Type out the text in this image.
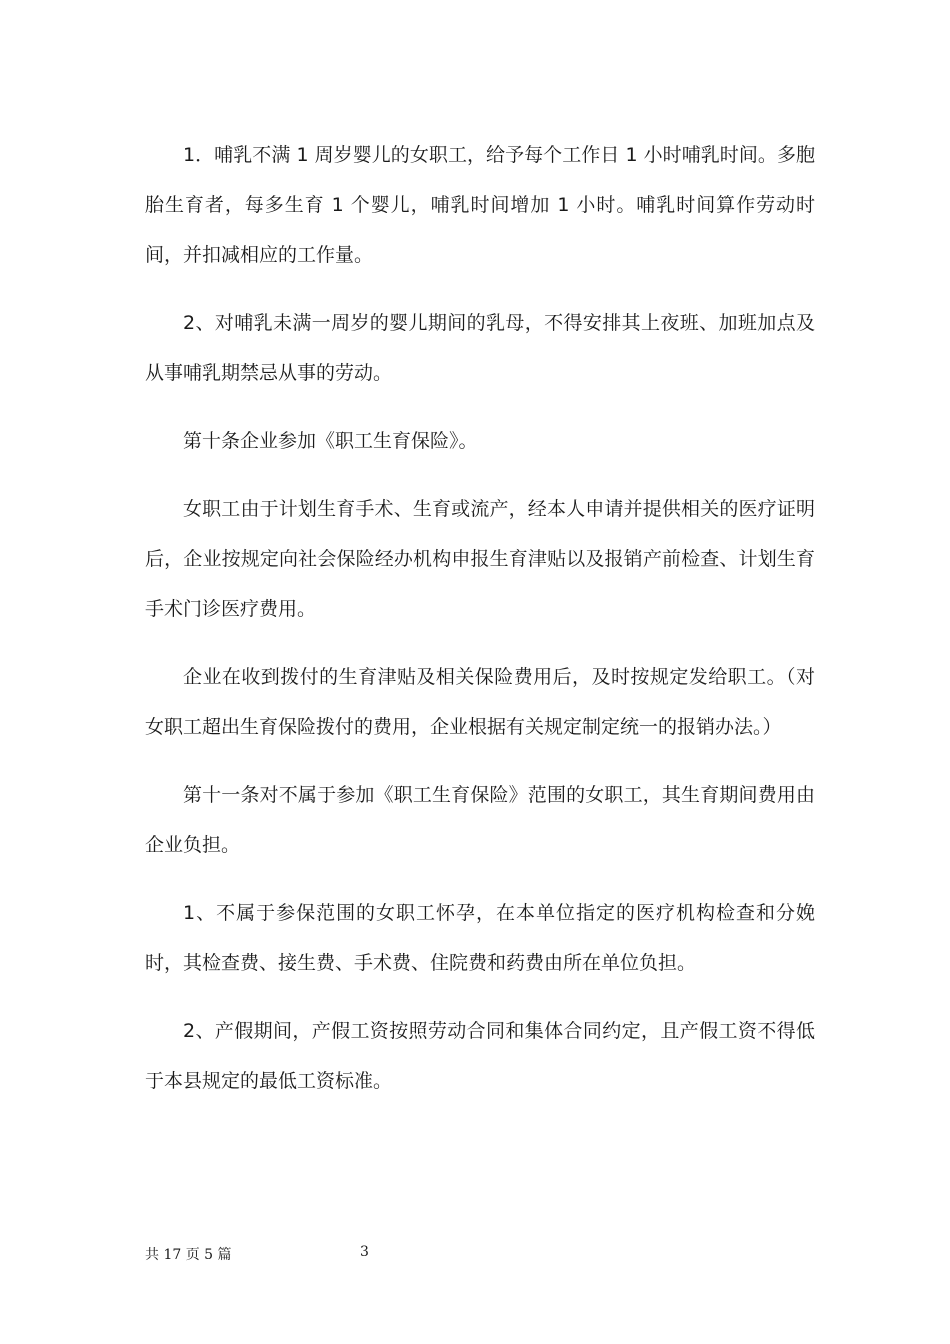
1．哺乳不满 1 周岁婴儿的女职工，给予每个工作日 1 小时哺乳时间。多胞胎生育者，每多生育 1 个婴儿，哺乳时间增加 1 小时。哺乳时间算作劳动时间，并扣减相应的工作量。

2、对哺乳未满一周岁的婴儿期间的乳母，不得安排其上夜班、加班加点及从事哺乳期禁忌从事的劳动。

第十条企业参加《职工生育保险》。

女职工由于计划生育手术、生育或流产，经本人申请并提供相关的医疗证明后，企业按规定向社会保险经办机构申报生育津贴以及报销产前检查、计划生育手术门诊医疗费用。

企业在收到拨付的生育津贴及相关保险费用后，及时按规定发给职工。（对女职工超出生育保险拨付的费用，企业根据有关规定制定统一的报销办法。）

第十一条对不属于参加《职工生育保险》范围的女职工，其生育期间费用由企业负担。

1、不属于参保范围的女职工怀孕，在本单位指定的医疗机构检查和分娩时，其检查费、接生费、手术费、住院费和药费由所在单位负担。

2、产假期间，产假工资按照劳动合同和集体合同约定，且产假工资不得低于本县规定的最低工资标准。

共 17 页 5 篇	3
